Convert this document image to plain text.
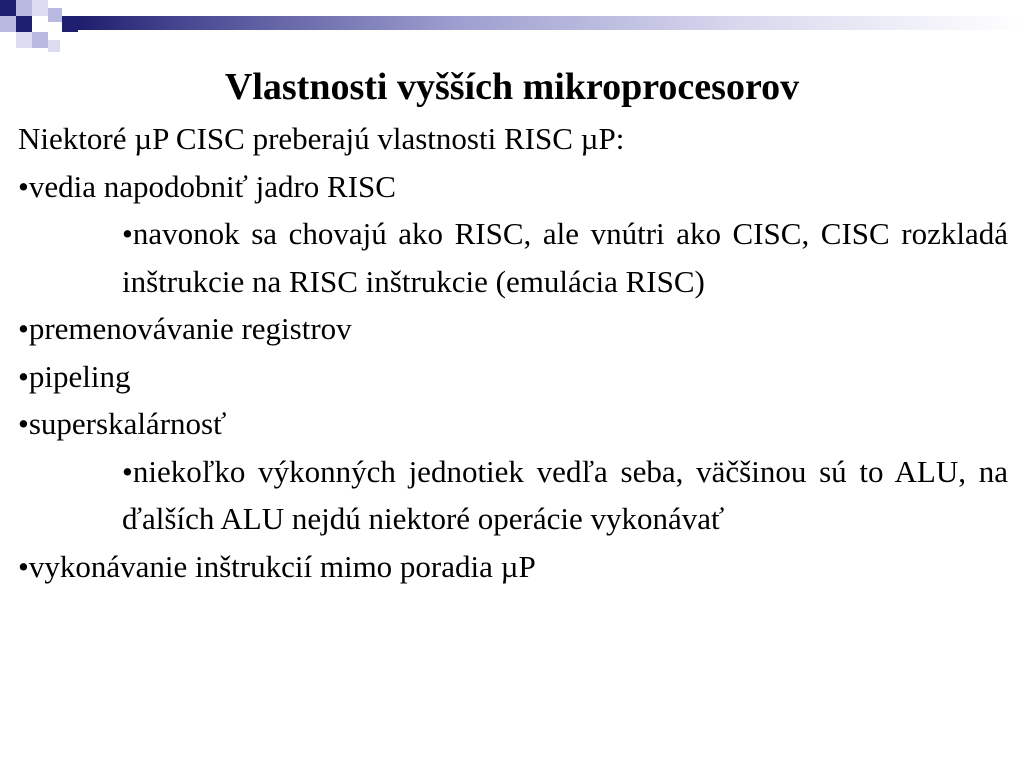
Vlastnosti vyšších mikroprocesorov
Niektoré µP CISC preberajú vlastnosti RISC µP:
•vedia napodobniť jadro RISC
•navonok sa chovajú ako RISC, ale vnútri ako CISC, CISC rozkladá inštrukcie na RISC inštrukcie (emulácia RISC)
•premenovávanie registrov
•pipeling
•superskalárnosť
•niekoľko výkonných jednotiek vedľa seba, väčšinou sú to ALU, na ďalších ALU nejdú niektoré operácie vykonávať
•vykonávanie inštrukcií mimo poradia µP
